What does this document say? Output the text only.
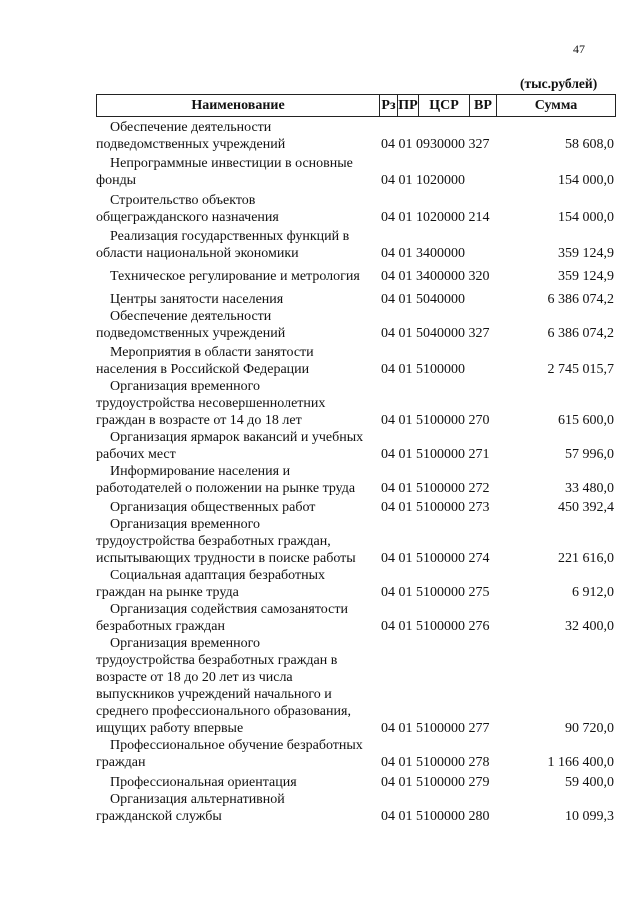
47
(тыс.рублей)
Наименование	Рз ПР ЦСР	ВР	Сумма
Обеспечение деятельности
подведомственных учреждений	04 01 0930000 327	58 608,0
Непрограммные инвестиции в основные
фонды	04 01 1020000	154 000,0
Строительство объектов
общегражданского назначения	04 01 1020000 214	154 000,0
Реализация государственных функций в
области национальной экономики	04 01 3400000	359 124,9
Техническое регулирование и метрология	04 01 3400000 320	359 124,9
Центры занятости населения	04 01 5040000	6 386 074,2
Обеспечение деятельности
подведомственных учреждений	04 01 5040000 327	6 386 074,2
Мероприятия в области занятости
населения в Российской Федерации	04 01 5100000	2 745 015,7
Организация временного
трудоустройства несовершеннолетних
граждан в возрасте от 14 до 18 лет	04 01 5100000 270	615 600,0
Организация ярмарок вакансий и учебных
рабочих мест	04 01 5100000 271	57 996,0
Информирование населения и
работодателей о положении на рынке труда	04 01 5100000 272	33 480,0
Организация общественных работ	04 01 5100000 273	450 392,4
Организация временного
трудоустройства безработных граждан,
испытывающих трудности в поиске работы	04 01 5100000 274	221 616,0
Социальная адаптация безработных
граждан на рынке труда	04 01 5100000 275	6 912,0
Организация содействия самозанятости
безработных граждан	04 01 5100000 276	32 400,0
Организация временного
трудоустройства безработных граждан в
возрасте от 18 до 20 лет из числа
выпускников учреждений начального и
среднего профессионального образования,
ищущих работу впервые	04 01 5100000 277	90 720,0
Профессиональное обучение безработных
граждан	04 01 5100000 278	1 166 400,0
Профессиональная ориентация	04 01 5100000 279	59 400,0
Организация альтернативной
гражданской службы	04 01 5100000 280	10 099,3
